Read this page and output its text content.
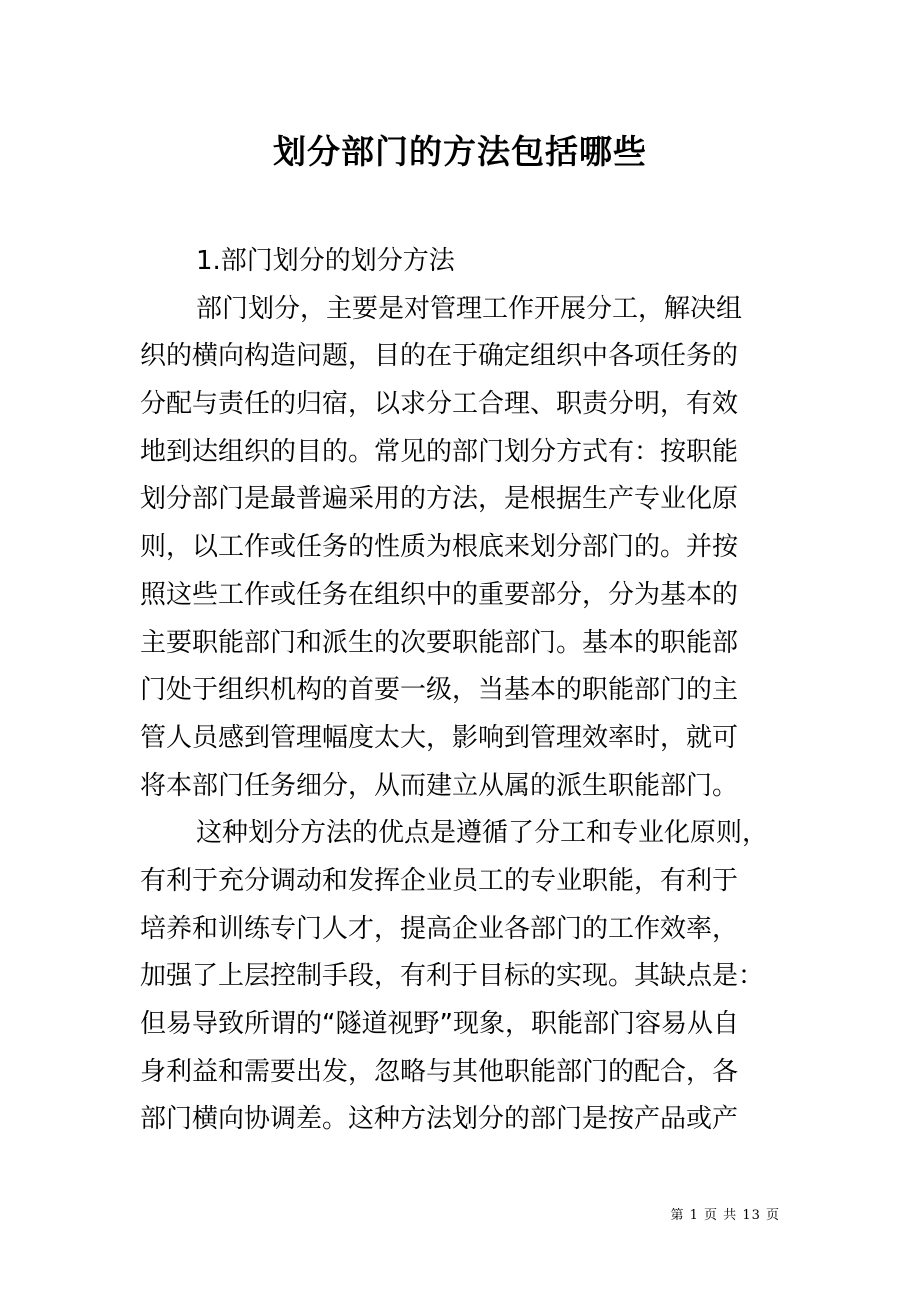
划分部门的方法包括哪些
1.部门划分的划分方法
部门划分，主要是对管理工作开展分工，解决组
织的横向构造问题，目的在于确定组织中各项任务的
分配与责任的归宿，以求分工合理、职责分明，有效
地到达组织的目的。常见的部门划分方式有：按职能
划分部门是最普遍采用的方法，是根据生产专业化原
则，以工作或任务的性质为根底来划分部门的。并按
照这些工作或任务在组织中的重要部分，分为基本的
主要职能部门和派生的次要职能部门。基本的职能部
门处于组织机构的首要一级，当基本的职能部门的主
管人员感到管理幅度太大，影响到管理效率时，就可
将本部门任务细分，从而建立从属的派生职能部门。
这种划分方法的优点是遵循了分工和专业化原则，
有利于充分调动和发挥企业员工的专业职能，有利于
培养和训练专门人才，提高企业各部门的工作效率，
加强了上层控制手段，有利于目标的实现。其缺点是：
但易导致所谓的“隧道视野”现象，职能部门容易从自
身利益和需要出发，忽略与其他职能部门的配合，各
部门横向协调差。这种方法划分的部门是按产品或产
第 1 页 共 13 页
